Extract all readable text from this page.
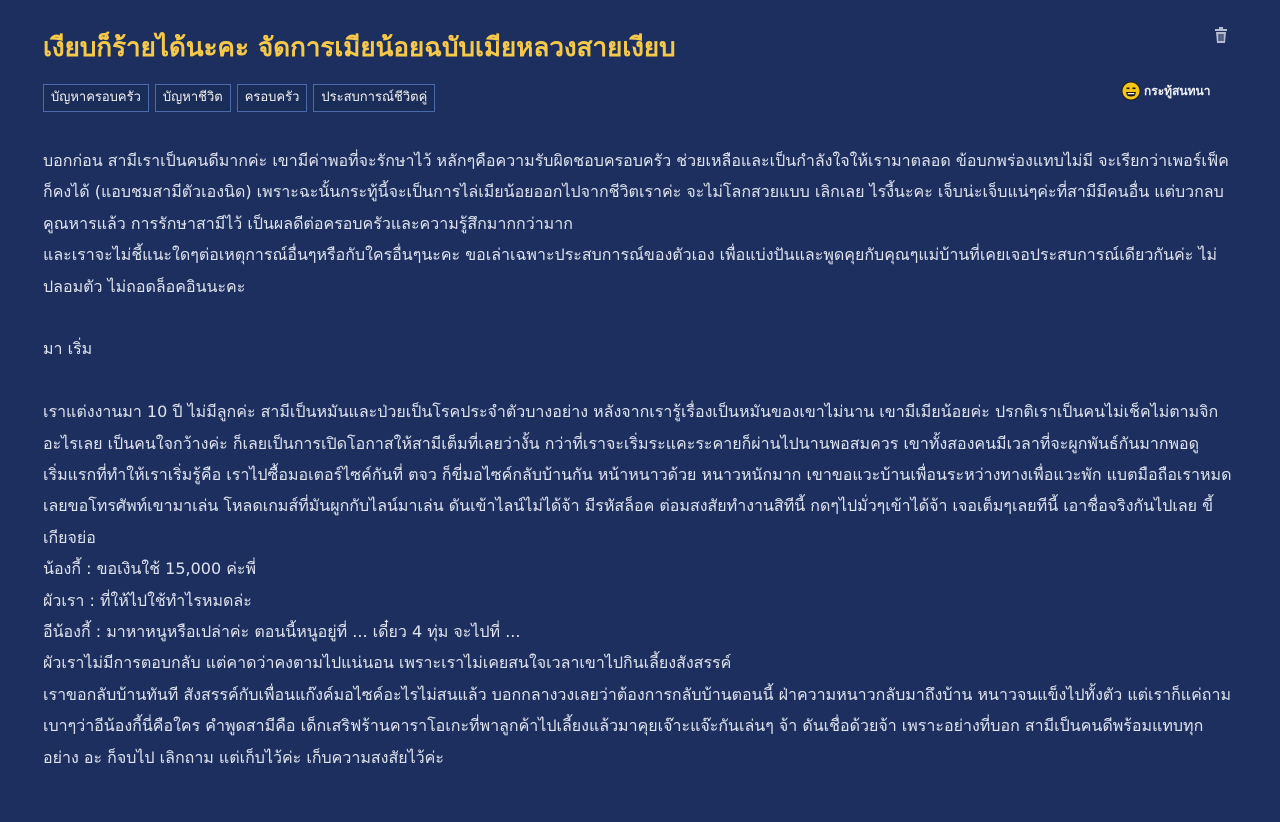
เงียบก็ร้ายได้นะคะ จัดการเมียน้อยฉบับเมียหลวงสายเงียบ
บัญหาครอบครัว	บัญหาชีวิต	ครอบครัว	ประสบการณ์ชีวิตคู่	กระทู้สนทนา

บอกก่อน สามีเราเป็นคนดีมากค่ะ เขามีค่าพอที่จะรักษาไว้ หลักๆคือความรับผิดชอบครอบครัว ช่วยเหลือและเป็นกำลังใจให้เรามาตลอด ข้อบกพร่องแทบไม่มี จะเรียกว่าเพอร์เฟ็คก็คงได้ (แอบชมสามีตัวเองนิด) เพราะฉะนั้นกระทู้นี้จะเป็นการไล่เมียน้อยออกไปจากชีวิตเราค่ะ จะไม่โลกสวยแบบ เลิกเลย ไรงี้นะคะ เจ็บน่ะเจ็บแน่ๆค่ะที่สามีมีคนอื่น แต่บวกลบคูณหารแล้ว การรักษาสามีไว้ เป็นผลดีต่อครอบครัวและความรู้สึกมากกว่ามาก

และเราจะไม่ชี้แนะใดๆต่อเหตุการณ์อื่นๆหรือกับใครอื่นๆนะคะ ขอเล่าเฉพาะประสบการณ์ของตัวเอง เพื่อแบ่งปันและพูดคุยกับคุณๆแม่บ้านที่เคยเจอประสบการณ์เดียวกันค่ะ ไม่ปลอมตัว ไม่ถอดล็อคอินนะคะ

มา เริ่ม

เราแต่งงานมา 10 ปี ไม่มีลูกค่ะ สามีเป็นหมันและป่วยเป็นโรคประจำตัวบางอย่าง หลังจากเรารู้เรื่องเป็นหมันของเขาไม่นาน เขามีเมียน้อยค่ะ ปรกติเราเป็นคนไม่เช็คไม่ตามจิกอะไรเลย เป็นคนใจกว้างค่ะ ก็เลยเป็นการเปิดโอกาสให้สามีเต็มที่เลยว่างั้น กว่าที่เราจะเริ่มระแคะระคายก็ผ่านไปนานพอสมควร เขาทั้งสองคนมีเวลาที่จะผูกพันธ์กันมากพอดู

เริ่มแรกที่ทำให้เราเริ่มรู้คือ เราไปซื้อมอเตอร์ไซค์กันที่ ตจว ก็ขี่มอไซค์กลับบ้านกัน หน้าหนาวด้วย หนาวหนักมาก เขาขอแวะบ้านเพื่อนระหว่างทางเพื่อแวะพัก แบตมือถือเราหมดเลยขอโทรศัพท์เขามาเล่น โหลดเกมส์ที่มันผูกกับไลน์มาเล่น ดันเข้าไลน์ไม่ได้จ้า มีรหัสล็อค ต่อมสงสัยทำงานสิทีนี้ กดๆไปมั่วๆเข้าได้จ้า เจอเต็มๆเลยทีนี้ เอาชื่อจริงกันไปเลย ขี้เกียจย่อ

น้องกี้ : ขอเงินใช้ 15,000 ค่ะพี่

ผัวเรา : ที่ให้ไปใช้ทำไรหมดล่ะ

อีน้องกี้ : มาหาหนูหรือเปล่าค่ะ ตอนนี้หนูอยู่ที่ ... เดี๋ยว 4 ทุ่ม จะไปที่ ...

ผัวเราไม่มีการตอบกลับ แต่คาดว่าคงตามไปแน่นอน เพราะเราไม่เคยสนใจเวลาเขาไปกินเลี้ยงสังสรรค์

เราขอกลับบ้านทันที สังสรรค์กับเพื่อนแก๊งค์มอไซค์อะไรไม่สนแล้ว บอกกลางวงเลยว่าต้องการกลับบ้านตอนนี้ ฝ่าความหนาวกลับมาถึงบ้าน หนาวจนแข็งไปทั้งตัว แต่เราก็แค่ถามเบาๆว่าอีน้องกี้นี่คือใคร คำพูดสามีคือ เด็กเสริฟร้านคาราโอเกะที่พาลูกค้าไปเลี้ยงแล้วมาคุยเจ๊าะแจ๊ะกันเล่นๆ จ้า ดันเชื่อด้วยจ้า เพราะอย่างที่บอก สามีเป็นคนดีพร้อมแทบทุกอย่าง อะ ก็จบไป เลิกถาม แต่เก็บไว้ค่ะ เก็บความสงสัยไว้ค่ะ
